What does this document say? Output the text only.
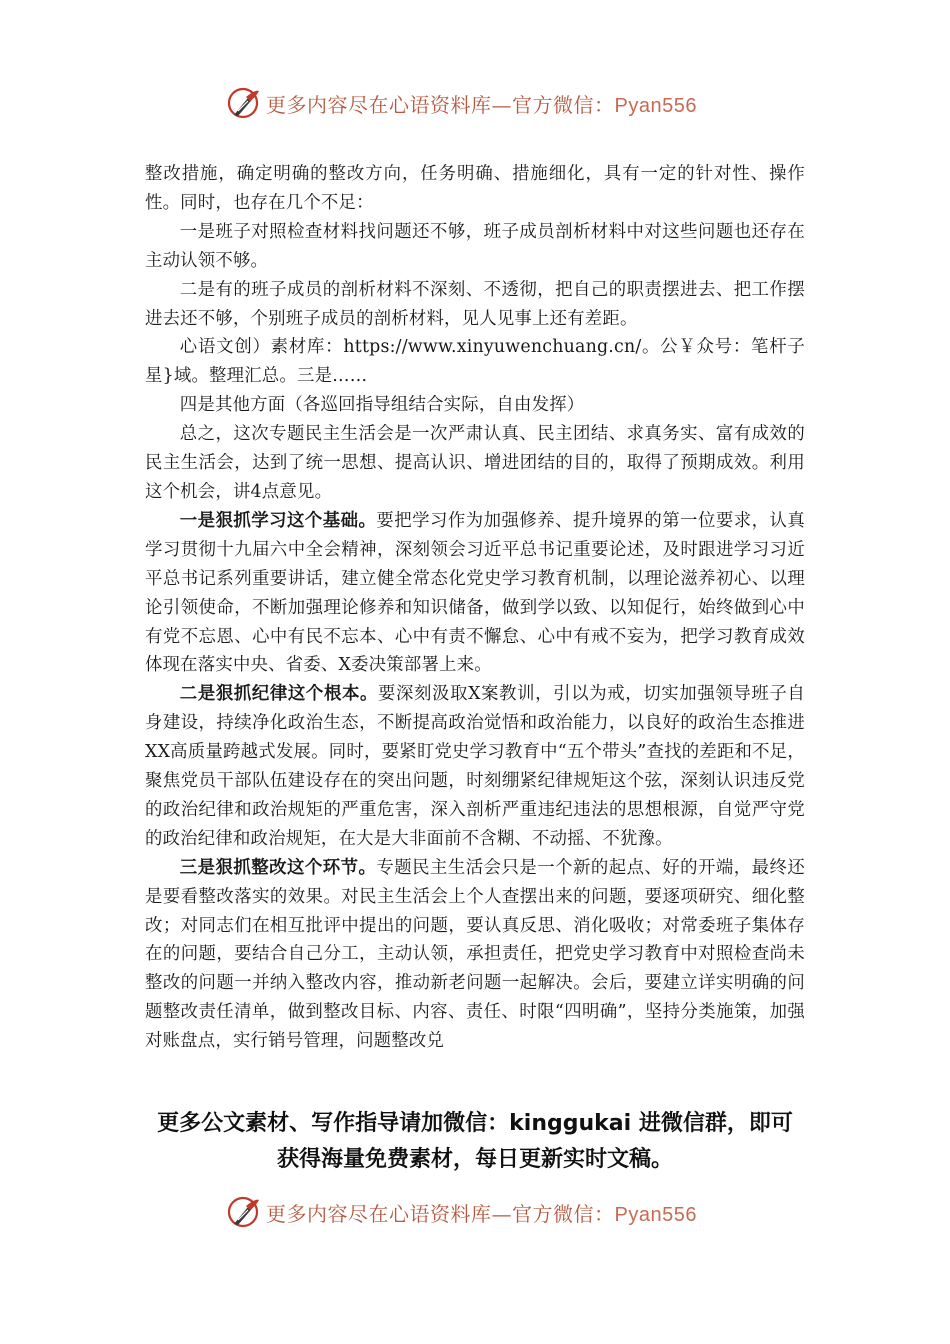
更多内容尽在心语资料库—官方微信：Pyan556

整改措施，确定明确的整改方向，任务明确、措施细化，具有一定的针对性、操作性。同时，也存在几个不足：

一是班子对照检查材料找问题还不够，班子成员剖析材料中对这些问题也还存在主动认领不够。

二是有的班子成员的剖析材料不深刻、不透彻，把自己的职责摆进去、把工作摆进去还不够，个别班子成员的剖析材料，见人见事上还有差距。

心语文创）素材库：https://www.xinyuwenchuang.cn/。公￥众号：笔杆子星}域。整理汇总。三是……

四是其他方面（各巡回指导组结合实际，自由发挥）

总之，这次专题民主生活会是一次严肃认真、民主团结、求真务实、富有成效的民主生活会，达到了统一思想、提高认识、增进团结的目的，取得了预期成效。利用这个机会，讲4点意见。

一是狠抓学习这个基础。要把学习作为加强修养、提升境界的第一位要求，认真学习贯彻十九届六中全会精神，深刻领会习近平总书记重要论述，及时跟进学习习近平总书记系列重要讲话，建立健全常态化党史学习教育机制，以理论滋养初心、以理论引领使命，不断加强理论修养和知识储备，做到学以致、以知促行，始终做到心中有党不忘恩、心中有民不忘本、心中有责不懈怠、心中有戒不妄为，把学习教育成效体现在落实中央、省委、X委决策部署上来。

二是狠抓纪律这个根本。要深刻汲取X案教训，引以为戒，切实加强领导班子自身建设，持续净化政治生态，不断提高政治觉悟和政治能力，以良好的政治生态推进XX高质量跨越式发展。同时，要紧盯党史学习教育中“五个带头”查找的差距和不足，聚焦党员干部队伍建设存在的突出问题，时刻绷紧纪律规矩这个弦，深刻认识违反党的政治纪律和政治规矩的严重危害，深入剖析严重违纪违法的思想根源，自觉严守党的政治纪律和政治规矩，在大是大非面前不含糊、不动摇、不犹豫。

三是狠抓整改这个环节。专题民主生活会只是一个新的起点、好的开端，最终还是要看整改落实的效果。对民主生活会上个人查摆出来的问题，要逐项研究、细化整改；对同志们在相互批评中提出的问题，要认真反思、消化吸收；对常委班子集体存在的问题，要结合自己分工，主动认领，承担责任，把党史学习教育中对照检查尚未整改的问题一并纳入整改内容，推动新老问题一起解决。会后，要建立详实明确的问题整改责任清单，做到整改目标、内容、责任、时限“四明确”，坚持分类施策，加强对账盘点，实行销号管理，问题整改兑

更多公文素材、写作指导请加微信：kinggukai 进微信群，即可
获得海量免费素材，每日更新实时文稿。
更多内容尽在心语资料库—官方微信：Pyan556
